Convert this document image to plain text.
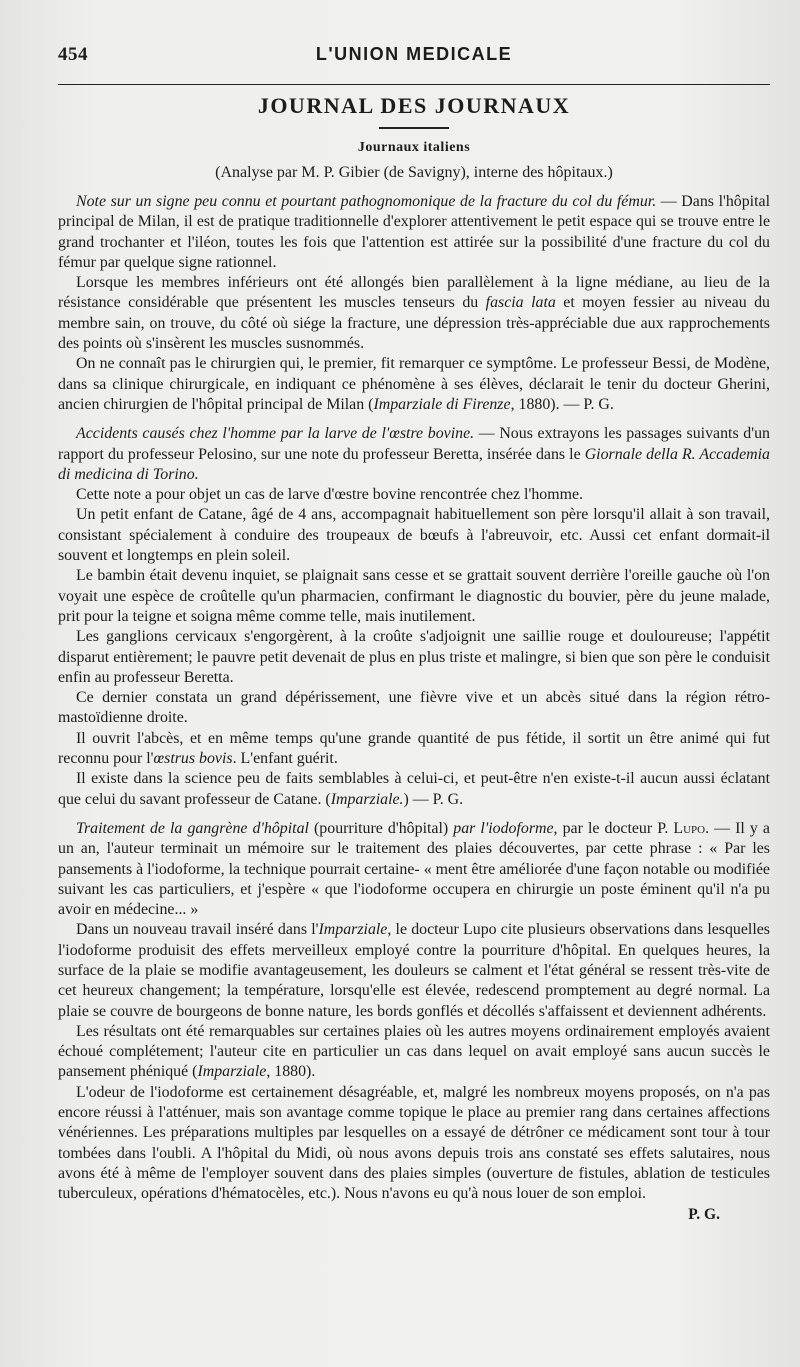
454	L'UNION MEDICALE
JOURNAL DES JOURNAUX
Journaux italiens
(Analyse par M. P. Gibier (de Savigny), interne des hôpitaux.)

Note sur un signe peu connu et pourtant pathognomonique de la fracture du col du fémur. — Dans l'hôpital principal de Milan, il est de pratique traditionnelle d'explorer attentivement le petit espace qui se trouve entre le grand trochanter et l'iléon, toutes les fois que l'attention est attirée sur la possibilité d'une fracture du col du fémur par quelque signe rationnel.

Lorsque les membres inférieurs ont été allongés bien parallèlement à la ligne médiane, au lieu de la résistance considérable que présentent les muscles tenseurs du fascia lata et moyen fessier au niveau du membre sain, on trouve, du côté où siége la fracture, une dépression très-appréciable due aux rapprochements des points où s'insèrent les muscles susnommés.

On ne connaît pas le chirurgien qui, le premier, fit remarquer ce symptôme. Le professeur Bessi, de Modène, dans sa clinique chirurgicale, en indiquant ce phénomène à ses élèves, déclarait le tenir du docteur Gherini, ancien chirurgien de l'hôpital principal de Milan (Imparziale di Firenze, 1880). — P. G.

Accidents causés chez l'homme par la larve de l'œstre bovine. — Nous extrayons les passages suivants d'un rapport du professeur Pelosino, sur une note du professeur Beretta, insérée dans le Giornale della R. Accademia di medicina di Torino.

Cette note a pour objet un cas de larve d'œstre bovine rencontrée chez l'homme.

Un petit enfant de Catane, âgé de 4 ans, accompagnait habituellement son père lorsqu'il allait à son travail, consistant spécialement à conduire des troupeaux de bœufs à l'abreuvoir, etc. Aussi cet enfant dormait-il souvent et longtemps en plein soleil.

Le bambin était devenu inquiet, se plaignait sans cesse et se grattait souvent derrière l'oreille gauche où l'on voyait une espèce de croûtelle qu'un pharmacien, confirmant le diagnostic du bouvier, père du jeune malade, prit pour la teigne et soigna même comme telle, mais inutilement.

Les ganglions cervicaux s'engorgèrent, à la croûte s'adjoignit une saillie rouge et douloureuse; l'appétit disparut entièrement; le pauvre petit devenait de plus en plus triste et malingre, si bien que son père le conduisit enfin au professeur Beretta.

Ce dernier constata un grand dépérissement, une fièvre vive et un abcès situé dans la région rétro-mastoïdienne droite.

Il ouvrit l'abcès, et en même temps qu'une grande quantité de pus fétide, il sortit un être animé qui fut reconnu pour l'œstrus bovis. L'enfant guérit.

Il existe dans la science peu de faits semblables à celui-ci, et peut-être n'en existe-t-il aucun aussi éclatant que celui du savant professeur de Catane. (Imparziale.) — P. G.

Traitement de la gangrène d'hôpital (pourriture d'hôpital) par l'iodoforme, par le docteur P. Lupo. — Il y a un an, l'auteur terminait un mémoire sur le traitement des plaies découvertes, par cette phrase : « Par les pansements à l'iodoforme, la technique pourrait certaine- « ment être améliorée d'une façon notable ou modifiée suivant les cas particuliers, et j'espère « que l'iodoforme occupera en chirurgie un poste éminent qu'il n'a pu avoir en médecine... »

Dans un nouveau travail inséré dans l'Imparziale, le docteur Lupo cite plusieurs observations dans lesquelles l'iodoforme produisit des effets merveilleux employé contre la pourriture d'hôpital. En quelques heures, la surface de la plaie se modifie avantageusement, les douleurs se calment et l'état général se ressent très-vite de cet heureux changement; la température, lorsqu'elle est élevée, redescend promptement au degré normal. La plaie se couvre de bourgeons de bonne nature, les bords gonflés et décollés s'affaissent et deviennent adhérents.

Les résultats ont été remarquables sur certaines plaies où les autres moyens ordinairement employés avaient échoué complétement; l'auteur cite en particulier un cas dans lequel on avait employé sans aucun succès le pansement phéniqué (Imparziale, 1880).

L'odeur de l'iodoforme est certainement désagréable, et, malgré les nombreux moyens proposés, on n'a pas encore réussi à l'atténuer, mais son avantage comme topique le place au premier rang dans certaines affections vénériennes. Les préparations multiples par lesquelles on a essayé de détrôner ce médicament sont tour à tour tombées dans l'oubli. A l'hôpital du Midi, où nous avons depuis trois ans constaté ses effets salutaires, nous avons été à même de l'employer souvent dans des plaies simples (ouverture de fistules, ablation de testicules tuberculeux, opérations d'hématocèles, etc.). Nous n'avons eu qu'à nous louer de son emploi.

P. G.
